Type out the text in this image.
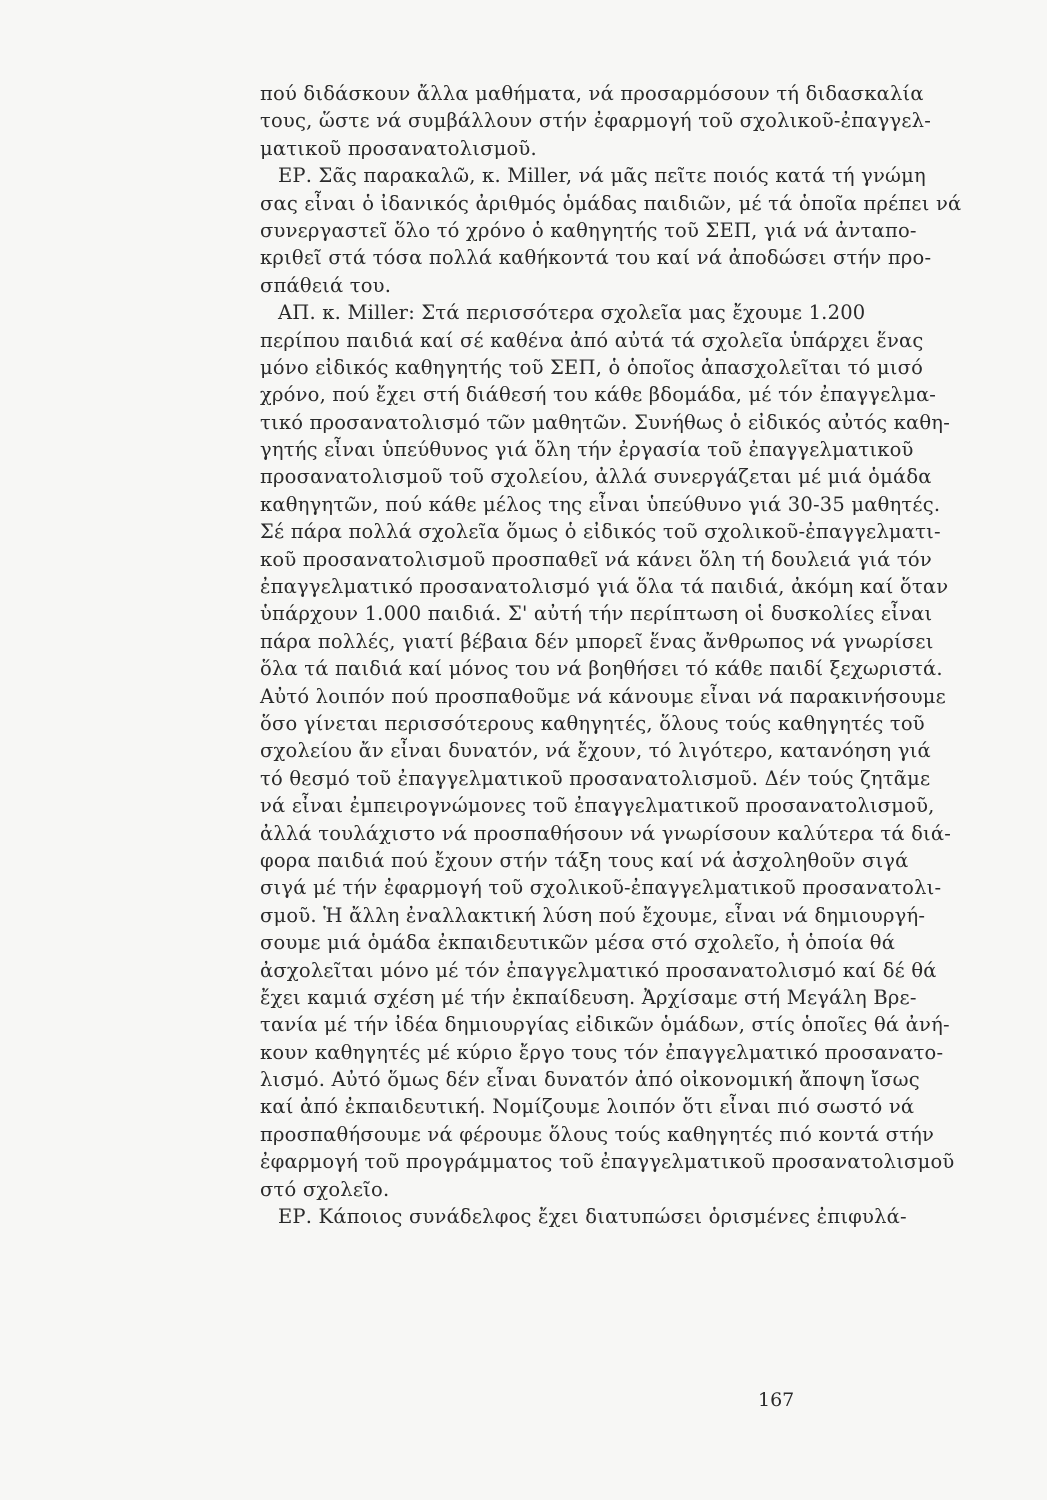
πού διδάσκουν ἄλλα μαθήματα, νά προσαρμόσουν τή διδασκαλία
τους, ὥστε νά συμβάλλουν στήν ἐφαρμογή τοῦ σχολικοῦ-ἐπαγγελ-
ματικοῦ προσανατολισμοῦ.
ΕΡ. Σᾶς παρακαλῶ, κ. Miller, νά μᾶς πεῖτε ποιός κατά τή γνώμη
σας εἶναι ὁ ἰδανικός ἀριθμός ὁμάδας παιδιῶν, μέ τά ὁποῖα πρέπει νά
συνεργαστεῖ ὅλο τό χρόνο ὁ καθηγητής τοῦ ΣΕΠ, γιά νά ἀνταπο-
κριθεῖ στά τόσα πολλά καθήκοντά του καί νά ἀποδώσει στήν προ-
σπάθειά του.
ΑΠ. κ. Miller: Στά περισσότερα σχολεῖα μας ἔχουμε 1.200
περίπου παιδιά καί σέ καθένα ἀπό αὐτά τά σχολεῖα ὑπάρχει ἕνας
μόνο εἰδικός καθηγητής τοῦ ΣΕΠ, ὁ ὁποῖος ἀπασχολεῖται τό μισό
χρόνο, πού ἔχει στή διάθεσή του κάθε βδομάδα, μέ τόν ἐπαγγελμα-
τικό προσανατολισμό τῶν μαθητῶν. Συνήθως ὁ εἰδικός αὐτός καθη-
γητής εἶναι ὑπεύθυνος γιά ὅλη τήν ἐργασία τοῦ ἐπαγγελματικοῦ
προσανατολισμοῦ τοῦ σχολείου, ἀλλά συνεργάζεται μέ μιά ὁμάδα
καθηγητῶν, πού κάθε μέλος της εἶναι ὑπεύθυνο γιά 30-35 μαθητές.
Σέ πάρα πολλά σχολεῖα ὅμως ὁ εἰδικός τοῦ σχολικοῦ-ἐπαγγελματι-
κοῦ προσανατολισμοῦ προσπαθεῖ νά κάνει ὅλη τή δουλειά γιά τόν
ἐπαγγελματικό προσανατολισμό γιά ὅλα τά παιδιά, ἀκόμη καί ὅταν
ὑπάρχουν 1.000 παιδιά. Σ' αὐτή τήν περίπτωση οἱ δυσκολίες εἶναι
πάρα πολλές, γιατί βέβαια δέν μπορεῖ ἕνας ἄνθρωπος νά γνωρίσει
ὅλα τά παιδιά καί μόνος του νά βοηθήσει τό κάθε παιδί ξεχωριστά.
Αὐτό λοιπόν πού προσπαθοῦμε νά κάνουμε εἶναι νά παρακινήσουμε
ὅσο γίνεται περισσότερους καθηγητές, ὅλους τούς καθηγητές τοῦ
σχολείου ἄν εἶναι δυνατόν, νά ἔχουν, τό λιγότερο, κατανόηση γιά
τό θεσμό τοῦ ἐπαγγελματικοῦ προσανατολισμοῦ. Δέν τούς ζητᾶμε
νά εἶναι ἐμπειρογνώμονες τοῦ ἐπαγγελματικοῦ προσανατολισμοῦ,
ἀλλά τουλάχιστο νά προσπαθήσουν νά γνωρίσουν καλύτερα τά διά-
φορα παιδιά πού ἔχουν στήν τάξη τους καί νά ἀσχοληθοῦν σιγά
σιγά μέ τήν ἐφαρμογή τοῦ σχολικοῦ-ἐπαγγελματικοῦ προσανατολι-
σμοῦ. Ἡ ἄλλη ἐναλλακτική λύση πού ἔχουμε, εἶναι νά δημιουργή-
σουμε μιά ὁμάδα ἐκπαιδευτικῶν μέσα στό σχολεῖο, ἡ ὁποία θά
ἀσχολεῖται μόνο μέ τόν ἐπαγγελματικό προσανατολισμό καί δέ θά
ἔχει καμιά σχέση μέ τήν ἐκπαίδευση. Ἀρχίσαμε στή Μεγάλη Βρε-
τανία μέ τήν ἰδέα δημιουργίας εἰδικῶν ὁμάδων, στίς ὁποῖες θά ἀνή-
κουν καθηγητές μέ κύριο ἔργο τους τόν ἐπαγγελματικό προσανατο-
λισμό. Αὐτό ὅμως δέν εἶναι δυνατόν ἀπό οἰκονομική ἄποψη ἴσως
καί ἀπό ἐκπαιδευτική. Νομίζουμε λοιπόν ὅτι εἶναι πιό σωστό νά
προσπαθήσουμε νά φέρουμε ὅλους τούς καθηγητές πιό κοντά στήν
ἐφαρμογή τοῦ προγράμματος τοῦ ἐπαγγελματικοῦ προσανατολισμοῦ
στό σχολεῖο.
ΕΡ. Κάποιος συνάδελφος ἔχει διατυπώσει ὁρισμένες ἐπιφυλά-
167
